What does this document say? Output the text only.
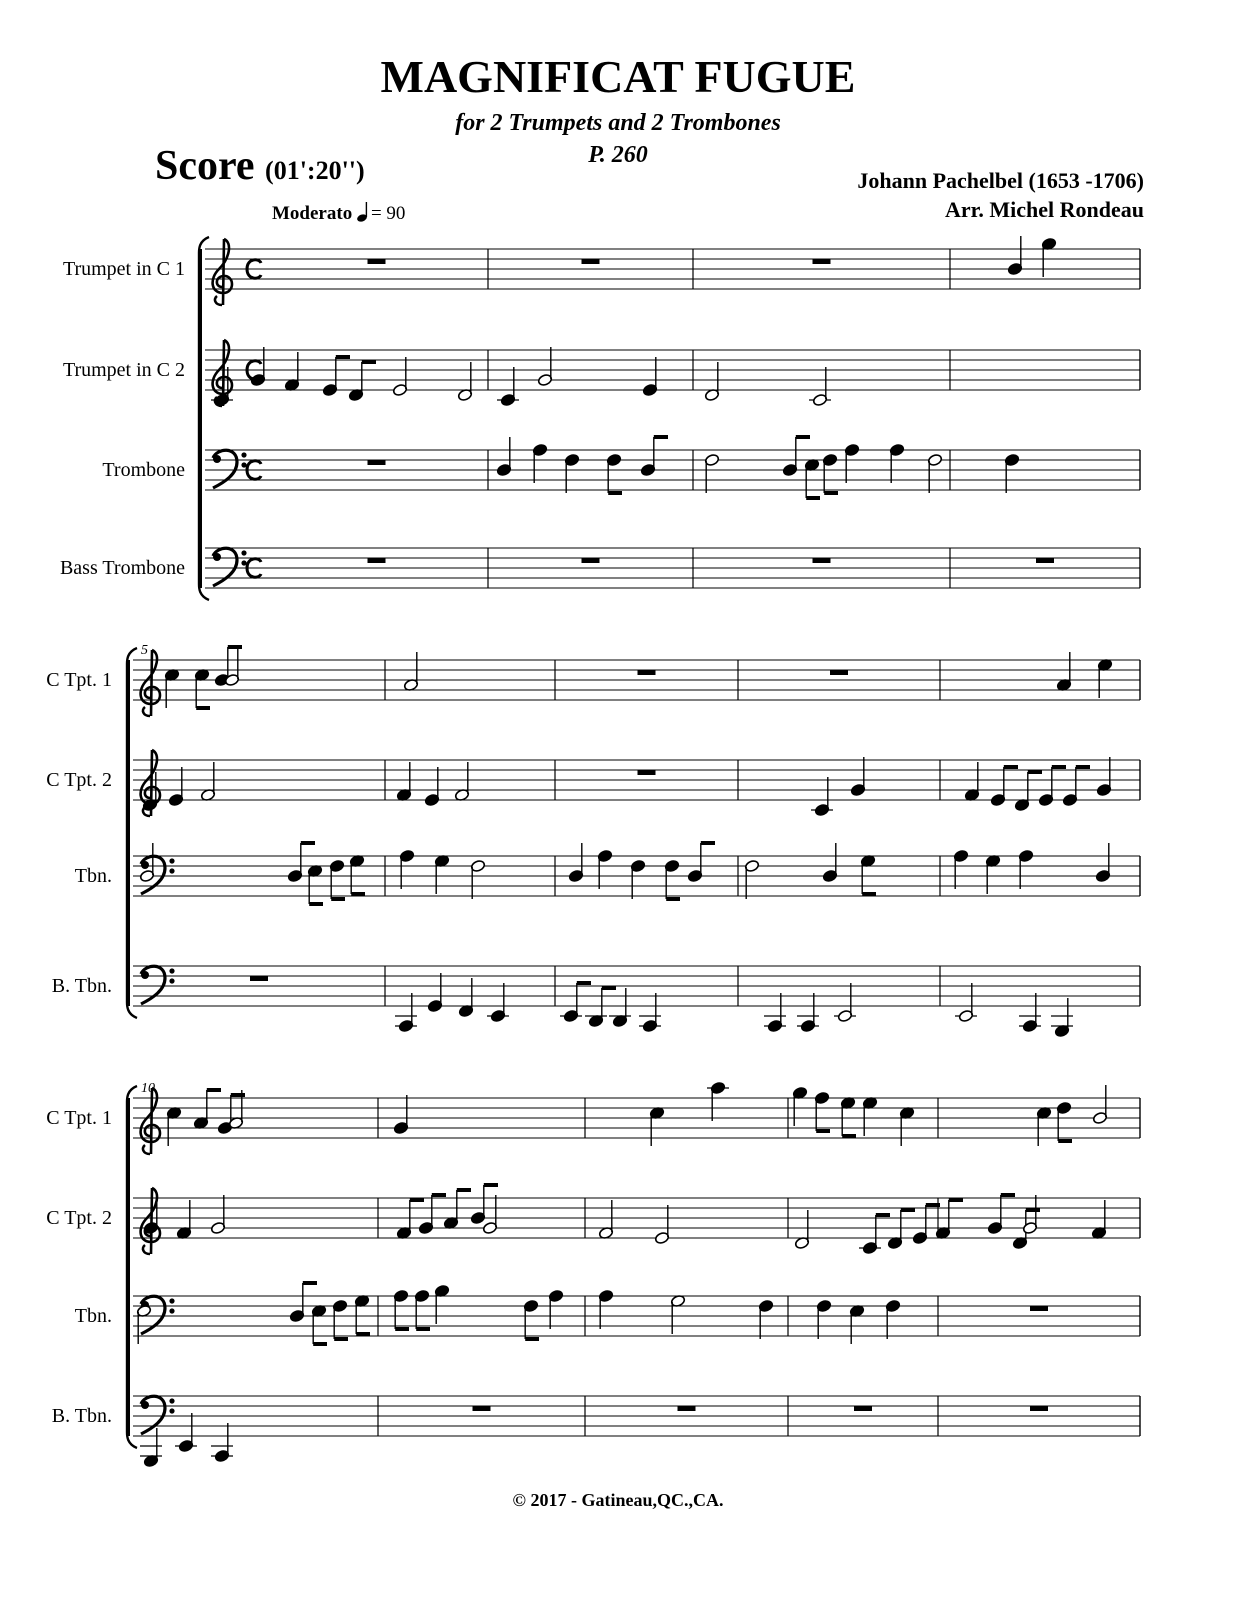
MAGNIFICAT FUGUE
for 2 Trumpets and 2 Trombones
P. 260
Score (01':20'')	Johann Pachelbel (1653 -1706)
Arr. Michel Rondeau
Moderato = 90
Trumpet in C 1
Trumpet in C 2
Trombone
Bass Trombone
5
C Tpt. 1
C Tpt. 2
Tbn.
B. Tbn.
10
C Tpt. 1
C Tpt. 2
Tbn.
B. Tbn.
© 2017 - Gatineau,QC.,CA.
